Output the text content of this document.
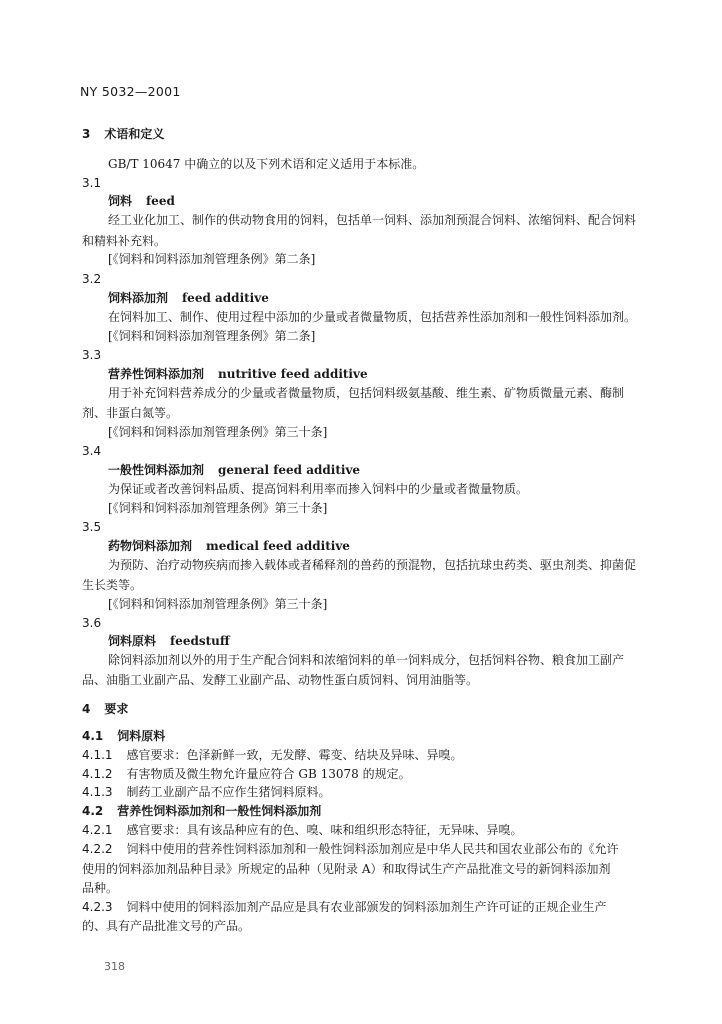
NY 5032—2001
3 术语和定义
GB/T 10647 中确立的以及下列术语和定义适用于本标准。
3.1
饲料 feed
经工业化加工、制作的供动物食用的饲料，包括单一饲料、添加剂预混合饲料、浓缩饲料、配合饲料
和精料补充料。
[《饲料和饲料添加剂管理条例》第二条]
3.2
饲料添加剂 feed additive
在饲料加工、制作、使用过程中添加的少量或者微量物质，包括营养性添加剂和一般性饲料添加剂。
[《饲料和饲料添加剂管理条例》第二条]
3.3
营养性饲料添加剂 nutritive feed additive
用于补充饲料营养成分的少量或者微量物质，包括饲料级氨基酸、维生素、矿物质微量元素、酶制
剂、非蛋白氮等。
[《饲料和饲料添加剂管理条例》第三十条]
3.4
一般性饲料添加剂 general feed additive
为保证或者改善饲料品质、提高饲料利用率而掺入饲料中的少量或者微量物质。
[《饲料和饲料添加剂管理条例》第三十条]
3.5
药物饲料添加剂 medical feed additive
为预防、治疗动物疾病而掺入载体或者稀释剂的兽药的预混物，包括抗球虫药类、驱虫剂类、抑菌促
生长类等。
[《饲料和饲料添加剂管理条例》第三十条]
3.6
饲料原料 feedstuff
除饲料添加剂以外的用于生产配合饲料和浓缩饲料的单一饲料成分，包括饲料谷物、粮食加工副产
品、油脂工业副产品、发酵工业副产品、动物性蛋白质饲料、饲用油脂等。
4 要求
4.1 饲料原料
4.1.1 感官要求：色泽新鲜一致，无发酵、霉变、结块及异味、异嗅。
4.1.2 有害物质及微生物允许量应符合 GB 13078 的规定。
4.1.3 制药工业副产品不应作生猪饲料原料。
4.2 营养性饲料添加剂和一般性饲料添加剂
4.2.1 感官要求：具有该品种应有的色、嗅、味和组织形态特征，无异味、异嗅。
4.2.2 饲料中使用的营养性饲料添加剂和一般性饲料添加剂应是中华人民共和国农业部公布的《允许
使用的饲料添加剂品种目录》所规定的品种（见附录 A）和取得试生产产品批准文号的新饲料添加剂
品种。
4.2.3 饲料中使用的饲料添加剂产品应是具有农业部颁发的饲料添加剂生产许可证的正规企业生产
的、具有产品批准文号的产品。
318
